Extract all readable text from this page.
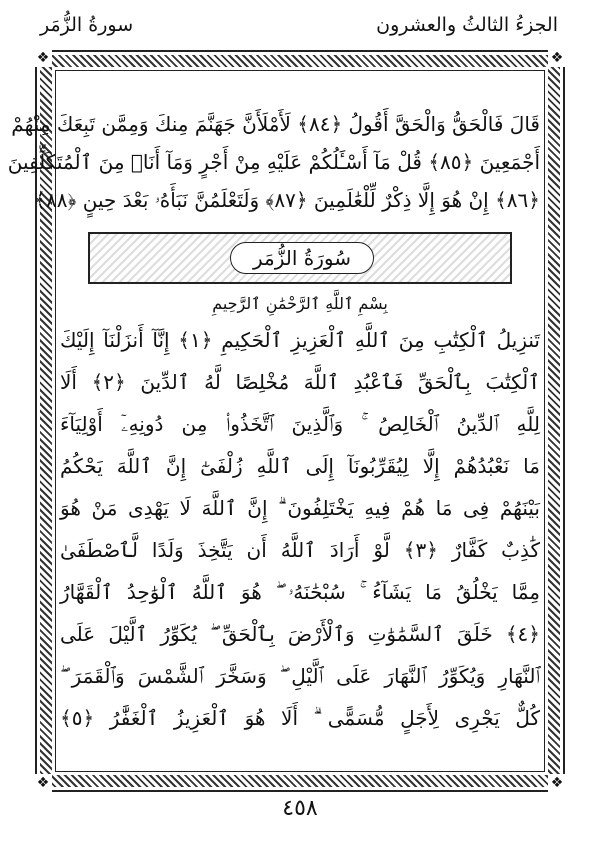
الجزءُ الثالثُ والعشرون
سورةُ الزُّمَر
❖	❖
❖	❖
قَالَ فَالْحَقُّ وَالْحَقَّ أَقُولُ ﴿٨٤﴾ لَأَمْلَأَنَّ جَهَنَّمَ مِنكَ وَمِمَّن تَبِعَكَ مِنْهُمْ
أَجْمَعِينَ ﴿٨٥﴾ قُلْ مَآ أَسْـَٔلُكُمْ عَلَيْهِ مِنْ أَجْرٍ وَمَآ أَنَا۠ مِنَ ٱلْمُتَكَلِّفِينَ
﴿٨٦﴾ إِنْ هُوَ إِلَّا ذِكْرٌ لِّلْعَٰلَمِينَ ﴿٨٧﴾ وَلَتَعْلَمُنَّ نَبَأَهُۥ بَعْدَ حِينٍ ﴿٨٨﴾
سُورَةُ الزُّمَر
بِسْمِ ٱللَّهِ ٱلرَّحْمَٰنِ ٱلرَّحِيمِ
تَنزِيلُ ٱلْكِتَٰبِ مِنَ ٱللَّهِ ٱلْعَزِيزِ ٱلْحَكِيمِ ﴿١﴾ إِنَّآ أَنزَلْنَآ إِلَيْكَ
ٱلْكِتَٰبَ بِٱلْحَقِّ فَٱعْبُدِ ٱللَّهَ مُخْلِصًا لَّهُ ٱلدِّينَ ﴿٢﴾ أَلَا
لِلَّهِ ٱلدِّينُ ٱلْخَالِصُ ۚ وَٱلَّذِينَ ٱتَّخَذُوا۟ مِن دُونِهِۦٓ أَوْلِيَآءَ
مَا نَعْبُدُهُمْ إِلَّا لِيُقَرِّبُونَآ إِلَى ٱللَّهِ زُلْفَىٰٓ إِنَّ ٱللَّهَ يَحْكُمُ
بَيْنَهُمْ فِى مَا هُمْ فِيهِ يَخْتَلِفُونَ ۗ إِنَّ ٱللَّهَ لَا يَهْدِى مَنْ هُوَ
كَٰذِبٌ كَفَّارٌ ﴿٣﴾ لَّوْ أَرَادَ ٱللَّهُ أَن يَتَّخِذَ وَلَدًا لَّٱصْطَفَىٰ
مِمَّا يَخْلُقُ مَا يَشَآءُ ۚ سُبْحَٰنَهُۥ ۖ هُوَ ٱللَّهُ ٱلْوَٰحِدُ ٱلْقَهَّارُ
﴿٤﴾ خَلَقَ ٱلسَّمَٰوَٰتِ وَٱلْأَرْضَ بِٱلْحَقِّ ۖ يُكَوِّرُ ٱلَّيْلَ عَلَى
ٱلنَّهَارِ وَيُكَوِّرُ ٱلنَّهَارَ عَلَى ٱلَّيْلِ ۖ وَسَخَّرَ ٱلشَّمْسَ وَٱلْقَمَرَ ۖ
كُلٌّ يَجْرِى لِأَجَلٍ مُّسَمًّى ۗ أَلَا هُوَ ٱلْعَزِيزُ ٱلْغَفَّٰرُ ﴿٥﴾
٤٥٨
